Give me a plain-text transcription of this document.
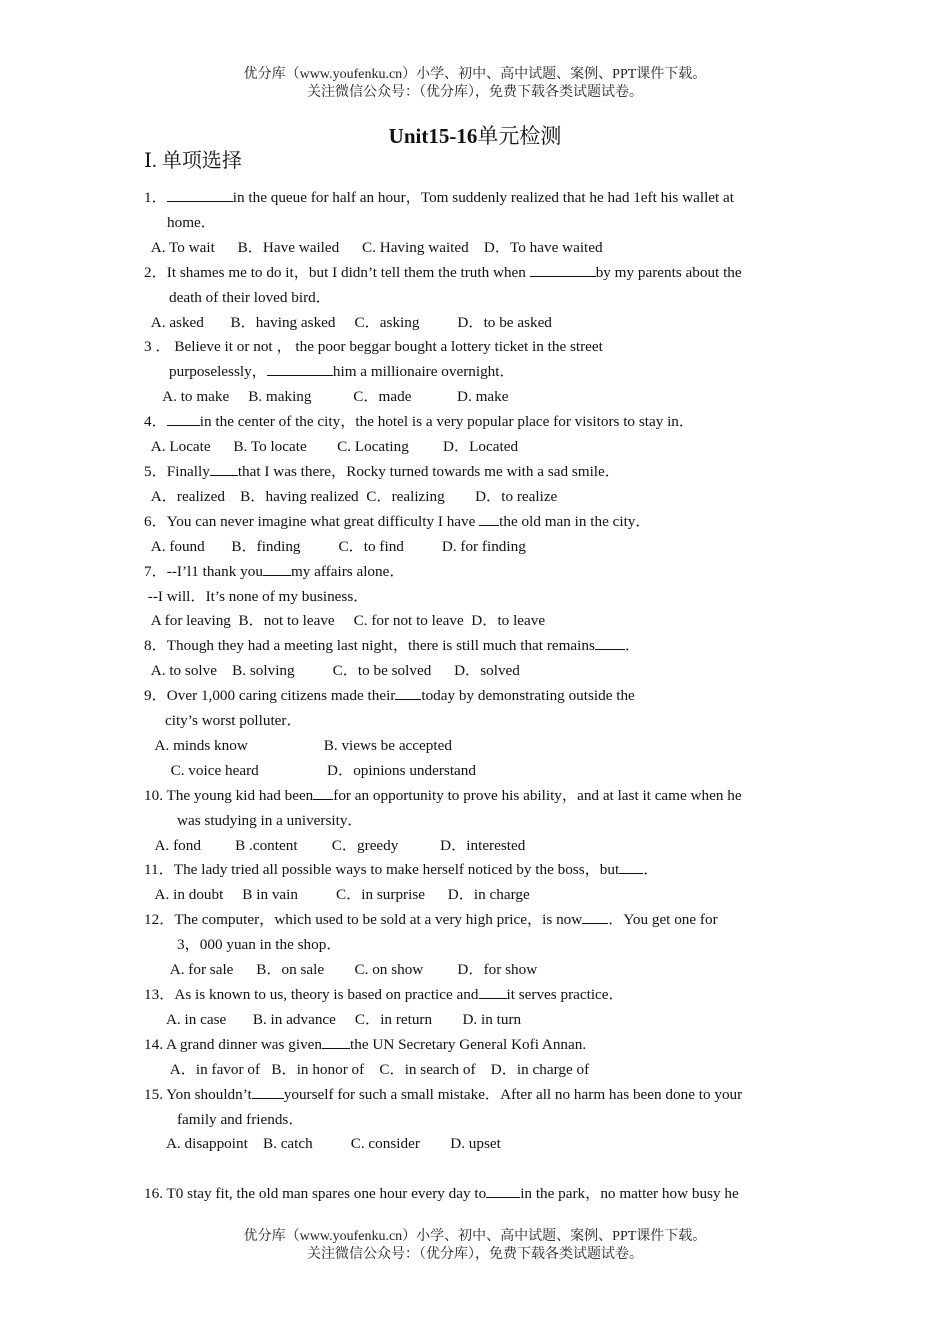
优分库（www.youfenku.cn）小学、初中、高中试题、案例、PPT课件下载。
关注微信公众号：（优分库），免费下载各类试题试卷。
Unit15-16单元检测
Ⅰ. 单项选择
1．	in the queue for half an hour，Tom suddenly realized that he had 1eft his wallet at
home．
A. To wait      B．Have wailed      C. Having waited    D．To have waited
2．It shames me to do it，but I didn’t tell them the truth when	by my parents about the
death of their loved bird．
A. asked       B．having asked     C．asking          D．to be asked
3 ． Believe it or not ， the poor beggar bought a lottery ticket in the street
purposelessly，	him a millionaire overnight．
A. to make     B. making           C．made            D. make
4． in the center of the city，the hotel is a very popular place for visitors to stay in．
A. Locate      B. To locate        C. Locating         D．Located
5．Finally that I was there，Rocky turned towards me with a sad smile．
A．realized    B．having realized  C．realizing        D．to realize
6．You can never imagine what great difficulty I have the old man in the city．
A. found       B．finding          C．to find          D. for finding
7．--I’l1 thank you my affairs alone．
--I will．It’s none of my business．
A for leaving  B．not to leave     C. for not to leave  D．to leave
8．Though they had a meeting last night，there is still much that remains ．
A. to solve    B. solving          C．to be solved      D．solved
9．Over 1,000 caring citizens made their today by demonstrating outside the
city’s worst polluter．
A. minds know                    B. views be accepted
C. voice heard                  D．opinions understand
10. The young kid had been for an opportunity to prove his ability，and at last it came when he
was studying in a university．
A. fond         B .content         C．greedy           D．interested
11．The lady tried all possible ways to make herself noticed by the boss，but ．
A. in doubt     B in vain          C．in surprise      D．in charge
12．The computer，which used to be sold at a very high price，is now ．You get one for
3，000 yuan in the shop．
A. for sale      B．on sale        C. on show         D．for show
13．As is known to us, theory is based on practice and it serves practice．
A. in case       B. in advance     C．in return        D. in turn
14. A grand dinner was given the UN Secretary General Kofi Annan.
A．in favor of   B．in honor of    C．in search of    D．in charge of
15. Yon shouldn’t yourself for such a small mistake．After all no harm has been done to your
family and friends．
A. disappoint    B. catch          C. consider        D. upset
16. T0 stay fit, the old man spares one hour every day to in the park，no matter how busy he
优分库（www.youfenku.cn）小学、初中、高中试题、案例、PPT课件下载。
关注微信公众号：（优分库），免费下载各类试题试卷。
